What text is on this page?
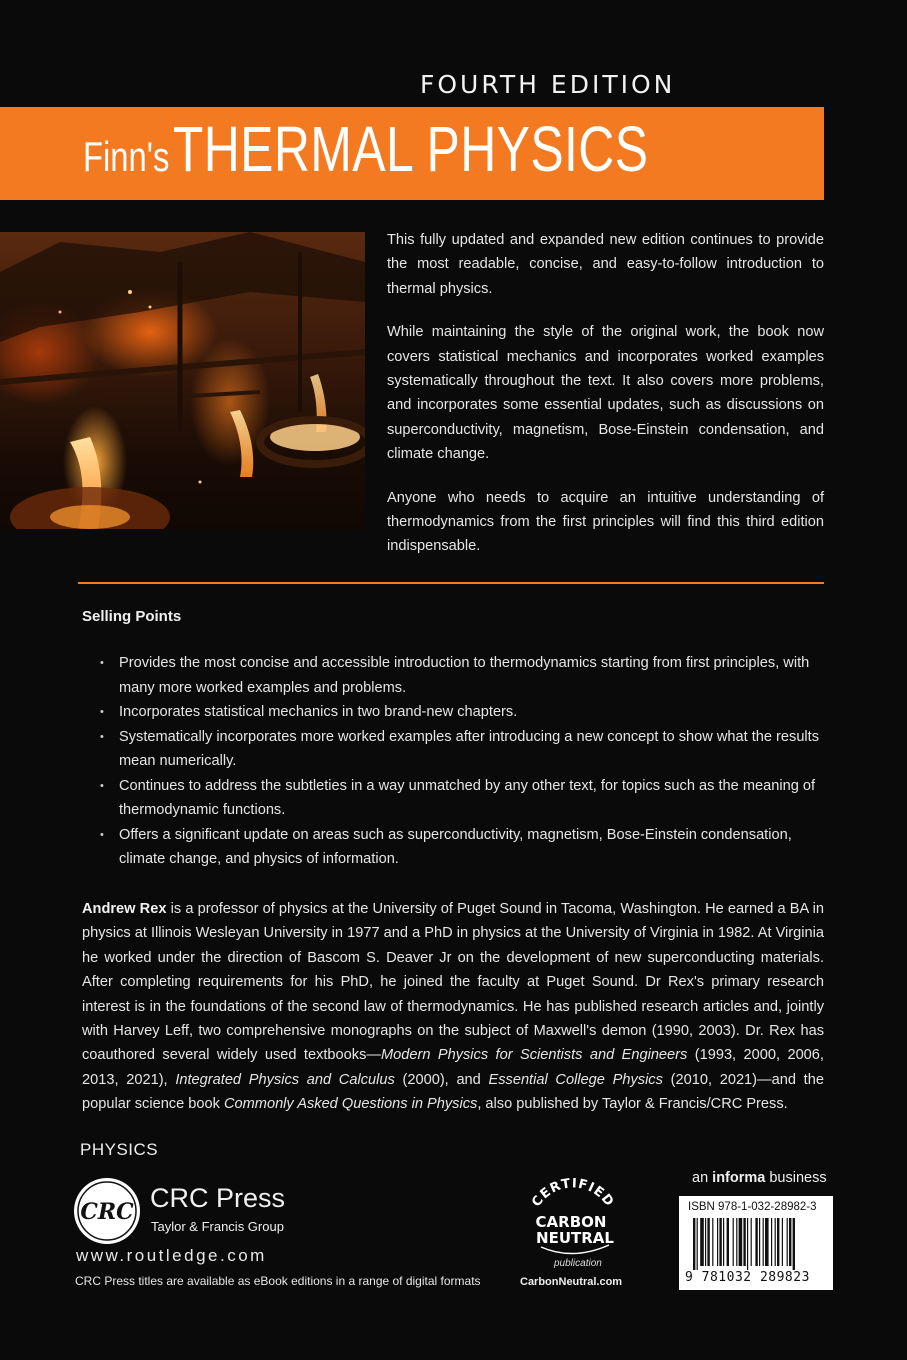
FOURTH EDITION
Finn's THERMAL PHYSICS

This fully updated and expanded new edition continues to provide the most readable, concise, and easy-to-follow introduction to thermal physics.

While maintaining the style of the original work, the book now covers statistical mechanics and incorporates worked examples systematically throughout the text. It also covers more problems, and incorporates some essential updates, such as discussions on superconductivity, magnetism, Bose-Einstein condensation, and climate change.

Anyone who needs to acquire an intuitive understanding of thermodynamics from the first principles will find this third edition indispensable.

Selling Points
• Provides the most concise and accessible introduction to thermodynamics starting from first principles, with many more worked examples and problems.
• Incorporates statistical mechanics in two brand-new chapters.
• Systematically incorporates more worked examples after introducing a new concept to show what the results mean numerically.
• Continues to address the subtleties in a way unmatched by any other text, for topics such as the meaning of thermodynamic functions.
• Offers a significant update on areas such as superconductivity, magnetism, Bose-Einstein condensation, climate change, and physics of information.
Andrew Rex is a professor of physics at the University of Puget Sound in Tacoma, Washington. He earned a BA in physics at Illinois Wesleyan University in 1977 and a PhD in physics at the University of Virginia in 1982. At Virginia he worked under the direction of Bascom S. Deaver Jr on the development of new superconducting materials. After completing requirements for his PhD, he joined the faculty at Puget Sound. Dr Rex's primary research interest is in the foundations of the second law of thermodynamics. He has published research articles and, jointly with Harvey Leff, two comprehensive monographs on the subject of Maxwell's demon (1990, 2003). Dr. Rex has coauthored several widely used textbooks—Modern Physics for Scientists and Engineers (1993, 2000, 2006, 2013, 2021), Integrated Physics and Calculus (2000), and Essential College Physics (2010, 2021)—and the popular science book Commonly Asked Questions in Physics, also published by Taylor & Francis/CRC Press.
PHYSICS
CRC CRC Press
Taylor & Francis Group
www.routledge.com
CRC Press titles are available as eBook editions in a range of digital formats
CERTIFIED
CARBON
NEUTRAL
publication
CarbonNeutral.com
an informa business
ISBN 978-1-032-28982-3
9 781032 289823
